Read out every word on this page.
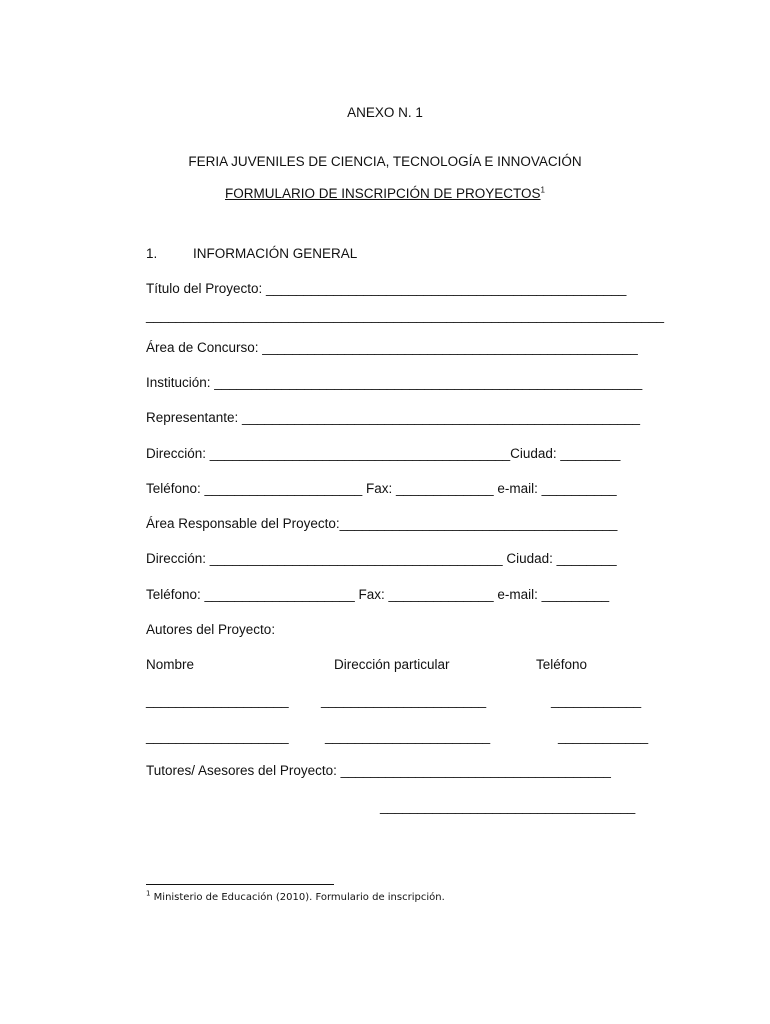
ANEXO N. 1
FERIA JUVENILES DE CIENCIA, TECNOLOGÍA E INNOVACIÓN
FORMULARIO DE INSCRIPCIÓN DE PROYECTOS$^1$
1.	INFORMACIÓN GENERAL
Título del Proyecto: ________________________________________________
_____________________________________________________________________
Área de Concurso: __________________________________________________
Institución: _________________________________________________________
Representante: _____________________________________________________
Dirección: ________________________________________Ciudad: ________
Teléfono: _____________________ Fax: _____________ e-mail: __________
Área Responsable del Proyecto:_____________________________________
Dirección: _______________________________________ Ciudad: ________
Teléfono: ____________________ Fax: ______________ e-mail: _________
Autores del Proyecto:
Nombre	Dirección particular	Teléfono
___________________ ______________________	____________
___________________	______________________	____________
Tutores/ Asesores del Proyecto: ____________________________________
__________________________________
$^1$ Ministerio de Educación (2010). Formulario de inscripción.
